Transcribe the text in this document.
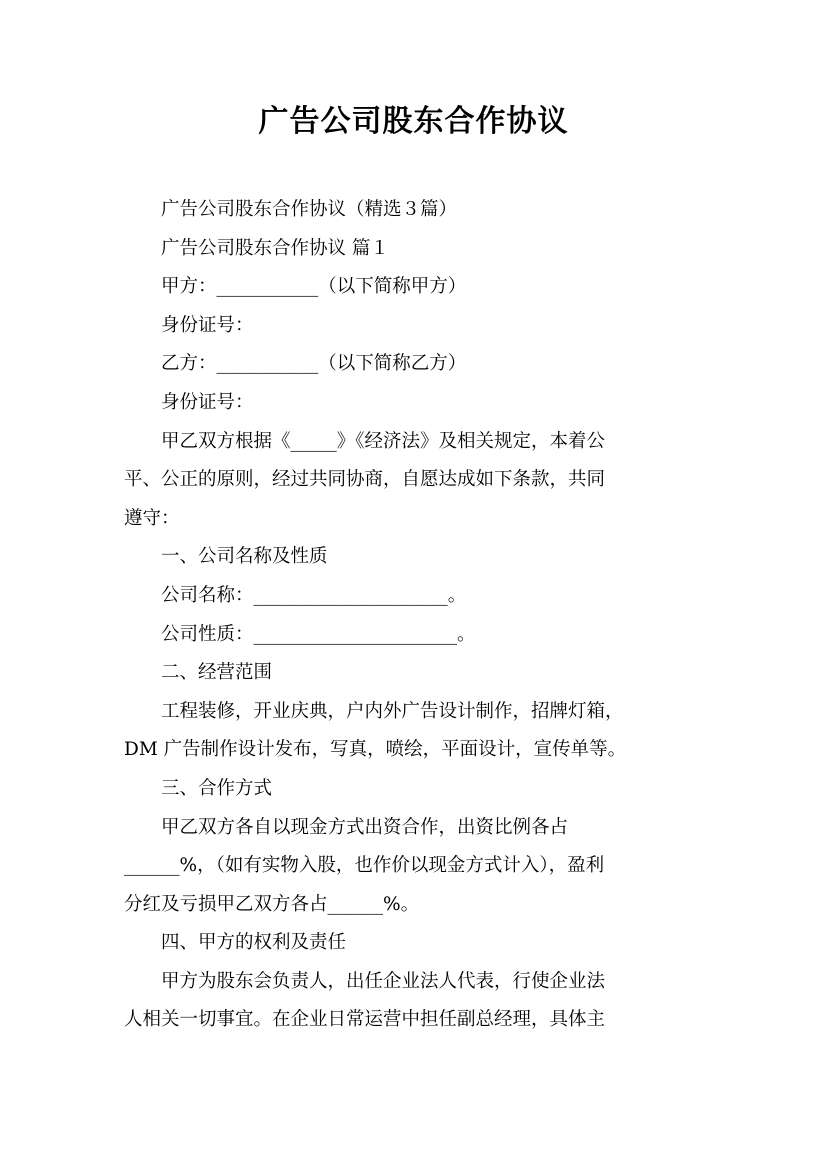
广告公司股东合作协议
广告公司股东合作协议（精选３篇）
广告公司股东合作协议 篇１
甲方：___________（以下简称甲方）
身份证号：
乙方：___________（以下简称乙方）
身份证号：
甲乙双方根据《_____》《经济法》及相关规定，本着公
平、公正的原则，经过共同协商，自愿达成如下条款，共同
遵守：
一、公司名称及性质
公司名称：_____________________。
公司性质：______________________。
二、经营范围
工程装修，开业庆典，户内外广告设计制作，招牌灯箱，
DM 广告制作设计发布，写真，喷绘，平面设计，宣传单等。
三、合作方式
甲乙双方各自以现金方式出资合作，出资比例各占
______%，（如有实物入股，也作价以现金方式计入），盈利
分红及亏损甲乙双方各占______%。
四、甲方的权利及责任
甲方为股东会负责人，出任企业法人代表，行使企业法
人相关一切事宜。在企业日常运营中担任副总经理，具体主
